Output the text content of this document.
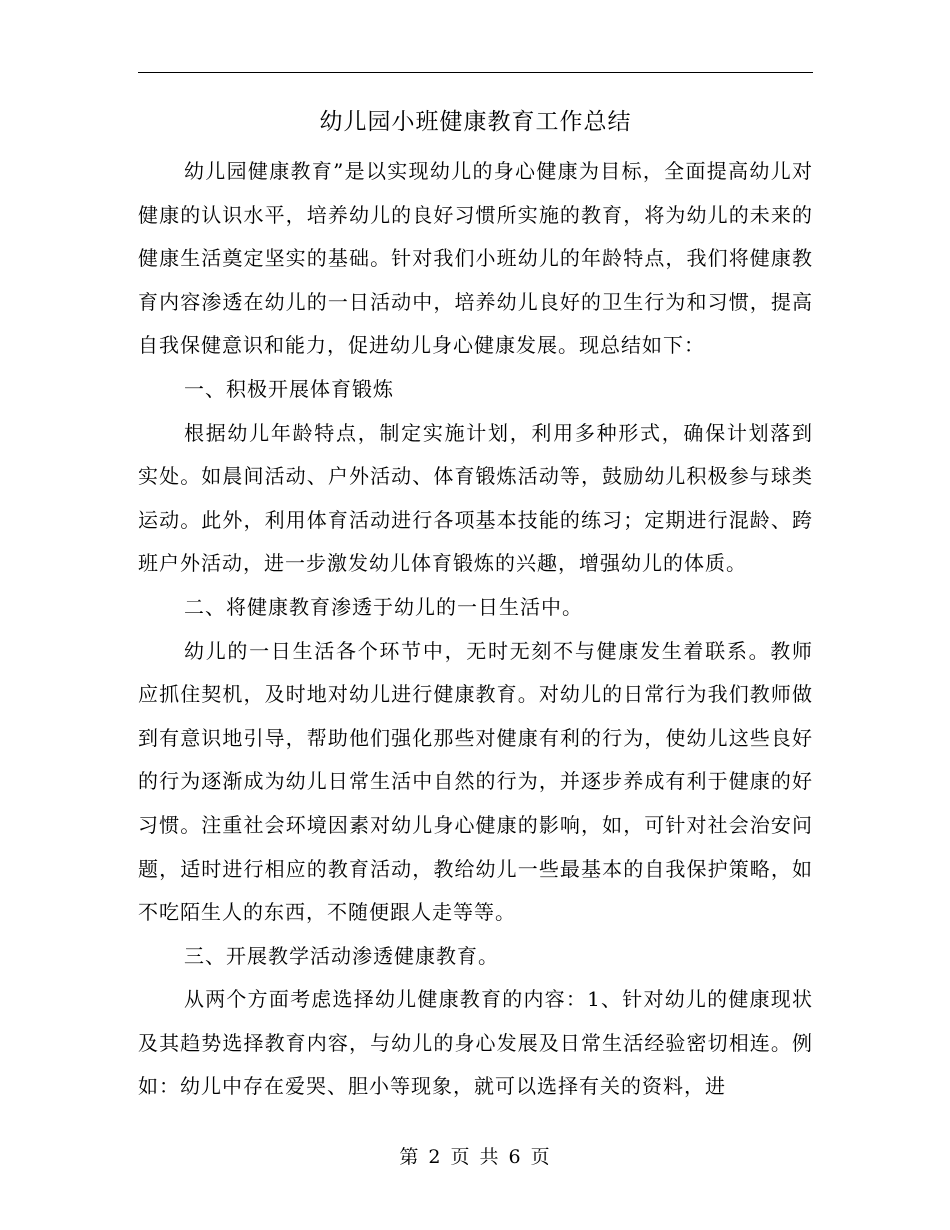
幼儿园小班健康教育工作总结

幼儿园健康教育”是以实现幼儿的身心健康为目标，全面提高幼儿对健康的认识水平，培养幼儿的良好习惯所实施的教育，将为幼儿的未来的健康生活奠定坚实的基础。针对我们小班幼儿的年龄特点，我们将健康教育内容渗透在幼儿的一日活动中，培养幼儿良好的卫生行为和习惯，提高自我保健意识和能力，促进幼儿身心健康发展。现总结如下：

一、积极开展体育锻炼

根据幼儿年龄特点，制定实施计划，利用多种形式，确保计划落到实处。如晨间活动、户外活动、体育锻炼活动等，鼓励幼儿积极参与球类运动。此外，利用体育活动进行各项基本技能的练习；定期进行混龄、跨班户外活动，进一步激发幼儿体育锻炼的兴趣，增强幼儿的体质。

二、将健康教育渗透于幼儿的一日生活中。

幼儿的一日生活各个环节中，无时无刻不与健康发生着联系。教师应抓住契机，及时地对幼儿进行健康教育。对幼儿的日常行为我们教师做到有意识地引导，帮助他们强化那些对健康有利的行为，使幼儿这些良好的行为逐渐成为幼儿日常生活中自然的行为，并逐步养成有利于健康的好习惯。注重社会环境因素对幼儿身心健康的影响，如，可针对社会治安问题，适时进行相应的教育活动，教给幼儿一些最基本的自我保护策略，如不吃陌生人的东西，不随便跟人走等等。

三、开展教学活动渗透健康教育。

从两个方面考虑选择幼儿健康教育的内容：1、针对幼儿的健康现状及其趋势选择教育内容，与幼儿的身心发展及日常生活经验密切相连。例如：幼儿中存在爱哭、胆小等现象，就可以选择有关的资料，进

第 2 页 共 6 页
